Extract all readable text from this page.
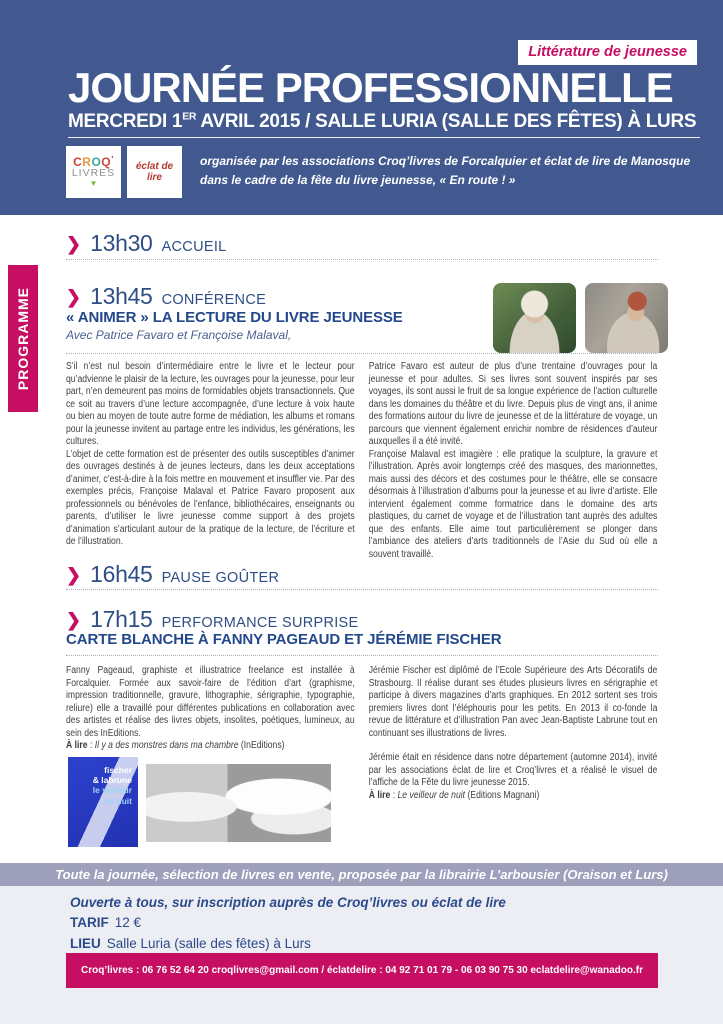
Littérature de jeunesse
JOURNÉE PROFESSIONNELLE
MERCREDI 1ER AVRIL 2015 / SALLE LURIA (SALLE DES FÊTES) À LURS
CROQ’
LIVRES
▼
éclat de lire
organisée par les associations Croq’livres de Forcalquier et éclat de lire de Manosque
dans le cadre de la fête du livre jeunesse, « En route ! »
PROGRAMME
❯ 13h30 ACCUEIL
❯ 13h45 CONFÉRENCE
« ANIMER » LA LECTURE DU LIVRE JEUNESSE
Avec Patrice Favaro et Françoise Malaval,

S’il n’est nul besoin d’intermédiaire entre le livre et le lecteur pour qu’advienne le plaisir de la lecture, les ouvrages pour la jeunesse, pour leur part, n’en demeurent pas moins de formidables objets transactionnels. Que ce soit au travers d’une lecture accompagnée, d’une lecture à voix haute ou bien au moyen de toute autre forme de médiation, les albums et romans pour la jeunesse invitent au partage entre les individus, les générations, les cultures.

L’objet de cette formation est de présenter des outils susceptibles d’animer des ouvrages destinés à de jeunes lecteurs, dans les deux acceptations d’animer, c’est-à-dire à la fois mettre en mouvement et insuffler vie. Par des exemples précis, Françoise Malaval et Patrice Favaro proposent aux professionnels ou bénévoles de l’enfance, bibliothécaires, enseignants ou parents, d’utiliser le livre jeunesse comme support à des projets d’animation s’articulant autour de la pratique de la lecture, de l’écriture et de l’illustration.

Patrice Favaro est auteur de plus d’une trentaine d’ouvrages pour la jeunesse et pour adultes. Si ses livres sont souvent inspirés par ses voyages, ils sont aussi le fruit de sa longue expérience de l’action culturelle dans les domaines du théâtre et du livre. Depuis plus de vingt ans, il anime des formations autour du livre de jeunesse et de la littérature de voyage, un parcours que viennent également enrichir nombre de résidences d’auteur auxquelles il a été invité.

Françoise Malaval est imagière : elle pratique la sculpture, la gravure et l’illustration. Après avoir longtemps créé des masques, des marionnettes, mais aussi des décors et des costumes pour le théâtre, elle se consacre désormais à l’illustration d’albums pour la jeunesse et au livre d’artiste. Elle intervient également comme formatrice dans le domaine des arts plastiques, du carnet de voyage et de l’illustration tant auprès des adultes que des enfants. Elle aime tout particulièrement se plonger dans l’ambiance des ateliers d’arts traditionnels de l’Asie du Sud où elle a souvent travaillé.

❯ 16h45 PAUSE GOÛTER
❯ 17h15 PERFORMANCE SURPRISE
CARTE BLANCHE À FANNY PAGEAUD ET JÉRÉMIE FISCHER

Fanny Pageaud, graphiste et illustratrice freelance est installée à Forcalquier. Formée aux savoir-faire de l’édition d’art (graphisme, impression traditionnelle, gravure, lithographie, sérigraphie, typographie, reliure) elle a travaillé pour différentes publications en collaboration avec des artistes et réalise des livres objets, insolites, poétiques, lumineux, au sein des InEditions.

À lire : Il y a des monstres dans ma chambre (InEditions)

Jérémie Fischer est diplômé de l’École Supérieure des Arts Décoratifs de Strasbourg. Il réalise durant ses études plusieurs livres en sérigraphie et participe à divers magazines d’arts graphiques. En 2012 sortent ses trois premiers livres dont l’éléphouris pour les petits. En 2013 il co-fonde la revue de littérature et d’illustration Pan avec Jean-Baptiste Labrune tout en continuant ses illustrations de livres.

Jérémie était en résidence dans notre département (automne 2014), invité par les associations éclat de lire et Croq’livres et a réalisé le visuel de l’affiche de la Fête du livre jeunesse 2015.

À lire : Le veilleur de nuit (Editions Magnani)

fischer
& labrune
le veilleur
de nuit
Toute la journée, sélection de livres en vente, proposée par la librairie L’arbousier (Oraison et Lurs)
Ouverte à tous, sur inscription auprès de Croq’livres ou éclat de lire
TARIF 12 €
LIEU Salle Luria (salle des fêtes) à Lurs
Croq’livres : 06 76 52 64 20 croqlivres@gmail.com / éclatdelire : 04 92 71 01 79 - 06 03 90 75 30 eclatdelire@wanadoo.fr
